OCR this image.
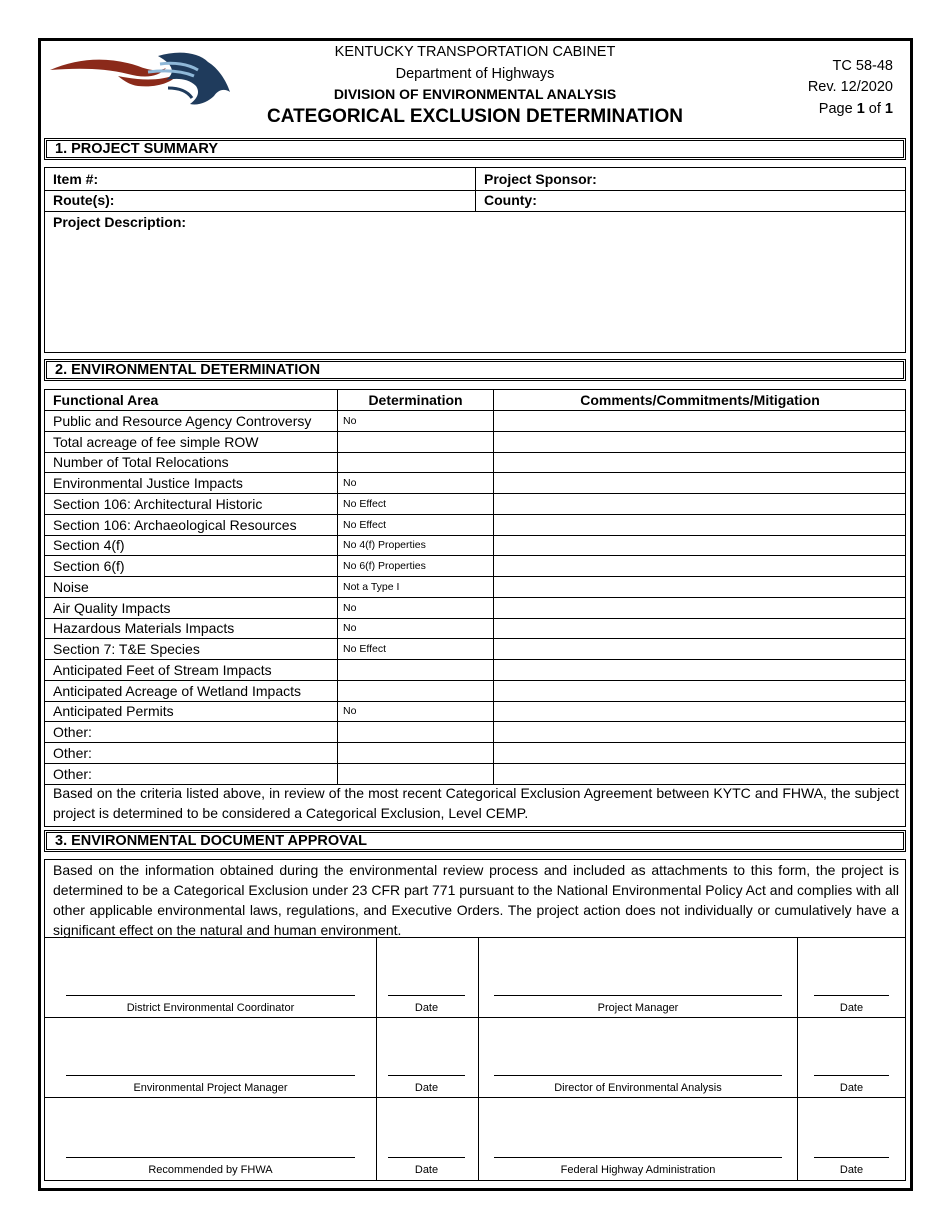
KENTUCKY TRANSPORTATION CABINET
Department of Highways
DIVISION OF ENVIRONMENTAL ANALYSIS
CATEGORICAL EXCLUSION DETERMINATION
TC 58-48
Rev. 12/2020
Page 1 of 1
1. PROJECT SUMMARY
Item #:
Route(s):
Project Sponsor:
County:
Project Description:
2. ENVIRONMENTAL DETERMINATION
Functional Area	Determination	Comments/Commitments/Mitigation
Public and Resource Agency Controversy	No
Total acreage of fee simple ROW
Number of Total Relocations
Environmental Justice Impacts	No
Section 106: Architectural Historic	No Effect
Section 106: Archaeological Resources	No Effect
Section 4(f)	No 4(f) Properties
Section 6(f)	No 6(f) Properties
Noise	Not a Type I
Air Quality Impacts	No
Hazardous Materials Impacts	No
Section 7: T&E Species	No Effect
Anticipated Feet of Stream Impacts
Anticipated Acreage of Wetland Impacts
Anticipated Permits	No
Other:
Other:
Other:
Based on the criteria listed above, in review of the most recent Categorical Exclusion Agreement between KYTC and FHWA, the subject project is determined to be considered a Categorical Exclusion, Level CEMP.
3. ENVIRONMENTAL DOCUMENT APPROVAL
Based on the information obtained during the environmental review process and included as attachments to this form, the project is determined to be a Categorical Exclusion under 23 CFR part 771 pursuant to the National Environmental Policy Act and complies with all other applicable environmental laws, regulations, and Executive Orders. The project action does not individually or cumulatively have a significant effect on the natural and human environment.
District Environmental Coordinator	Date	Project Manager	Date
Environmental Project Manager	Date	Director of Environmental Analysis	Date
Recommended by FHWA	Date	Federal Highway Administration	Date
